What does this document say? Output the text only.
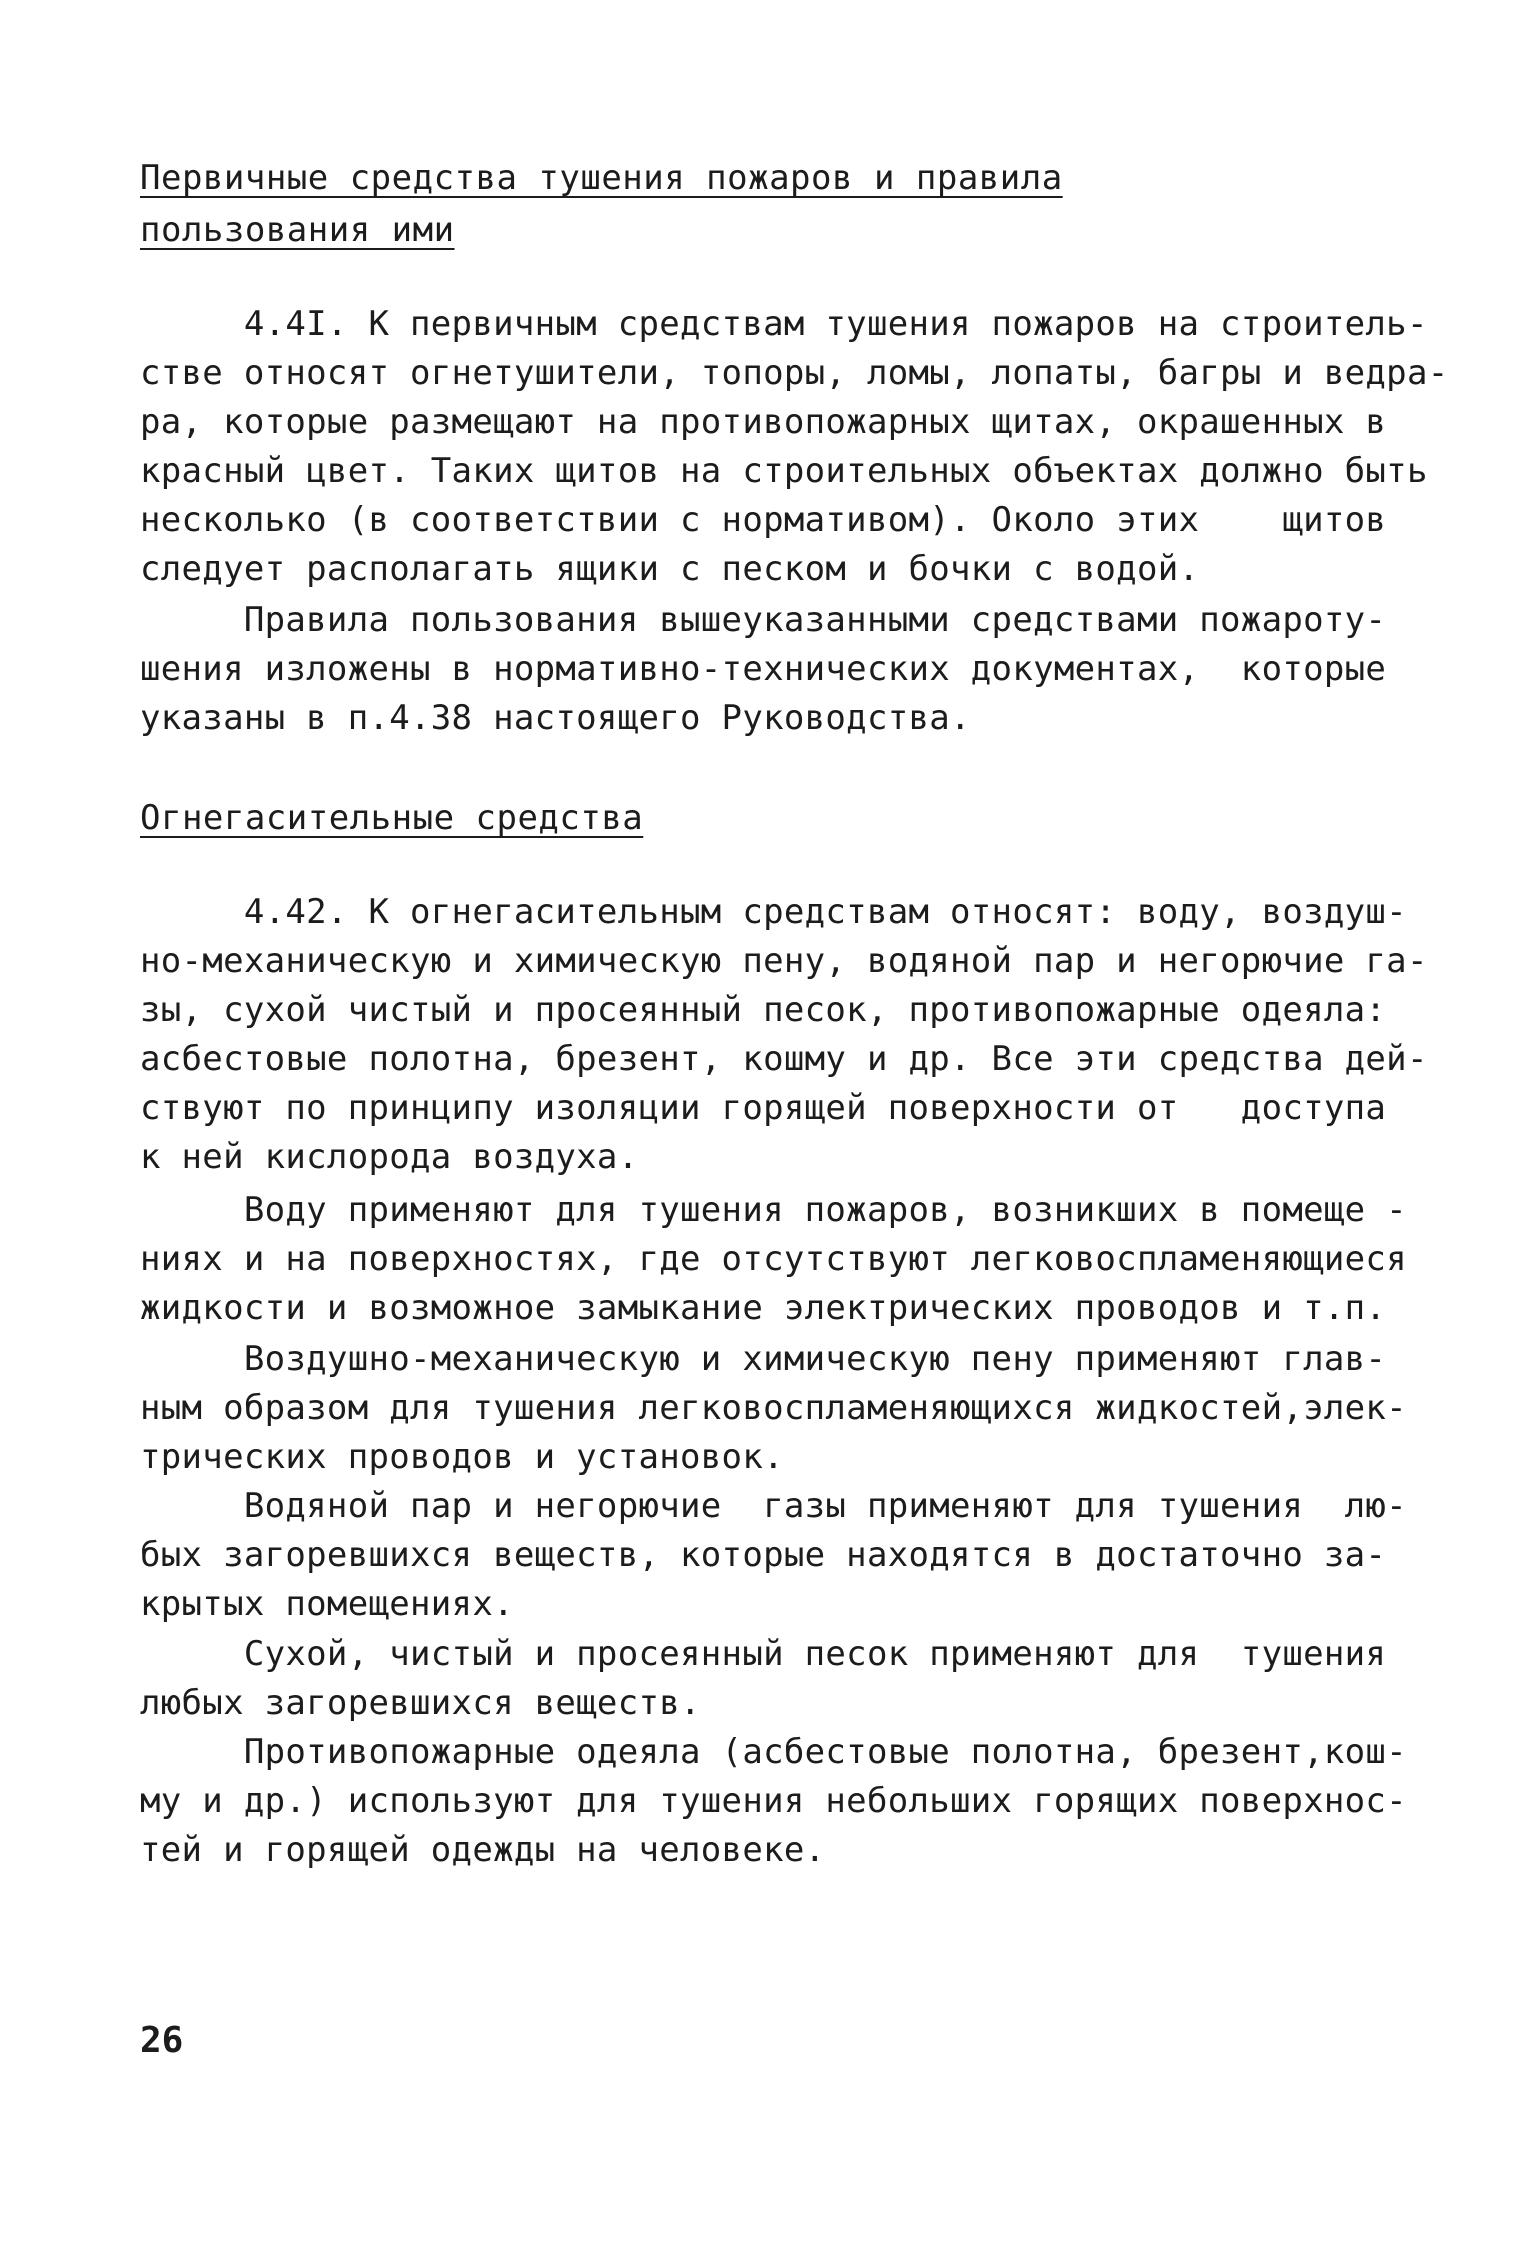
Первичные средства тушения пожаров и правила
пользования ими
4.4I. К первичным средствам тушения пожаров на строитель-
стве относят огнетушители, топоры, ломы, лопаты, багры и ведра-
ра, которые размещают на противопожарных щитах, окрашенных в
красный цвет. Таких щитов на строительных объектах должно быть
несколько (в соответствии с нормативом). Около этих    щитов
следует располагать ящики с песком и бочки с водой.
Правила пользования вышеуказанными средствами пожароту-
шения изложены в нормативно-технических документах,  которые
указаны в п.4.38 настоящего Руководства.
Огнегасительные средства
4.42. К огнегасительным средствам относят: воду, воздуш-
но-механическую и химическую пену, водяной пар и негорючие га-
зы, сухой чистый и просеянный песок, противопожарные одеяла:
асбестовые полотна, брезент, кошму и др. Все эти средства дей-
ствуют по принципу изоляции горящей поверхности от   доступа
к ней кислорода воздуха.
Воду применяют для тушения пожаров, возникших в помеще -
ниях и на поверхностях, где отсутствуют легковоспламеняющиеся
жидкости и возможное замыкание электрических проводов и т.п.
Воздушно-механическую и химическую пену применяют глав-
ным образом для тушения легковоспламеняющихся жидкостей,элек-
трических проводов и установок.
Водяной пар и негорючие  газы применяют для тушения  лю-
бых загоревшихся веществ, которые находятся в достаточно за-
крытых помещениях.
Сухой, чистый и просеянный песок применяют для  тушения
любых загоревшихся веществ.
Противопожарные одеяла (асбестовые полотна, брезент,кош-
му и др.) используют для тушения небольших горящих поверхнос-
тей и горящей одежды на человеке.
26
